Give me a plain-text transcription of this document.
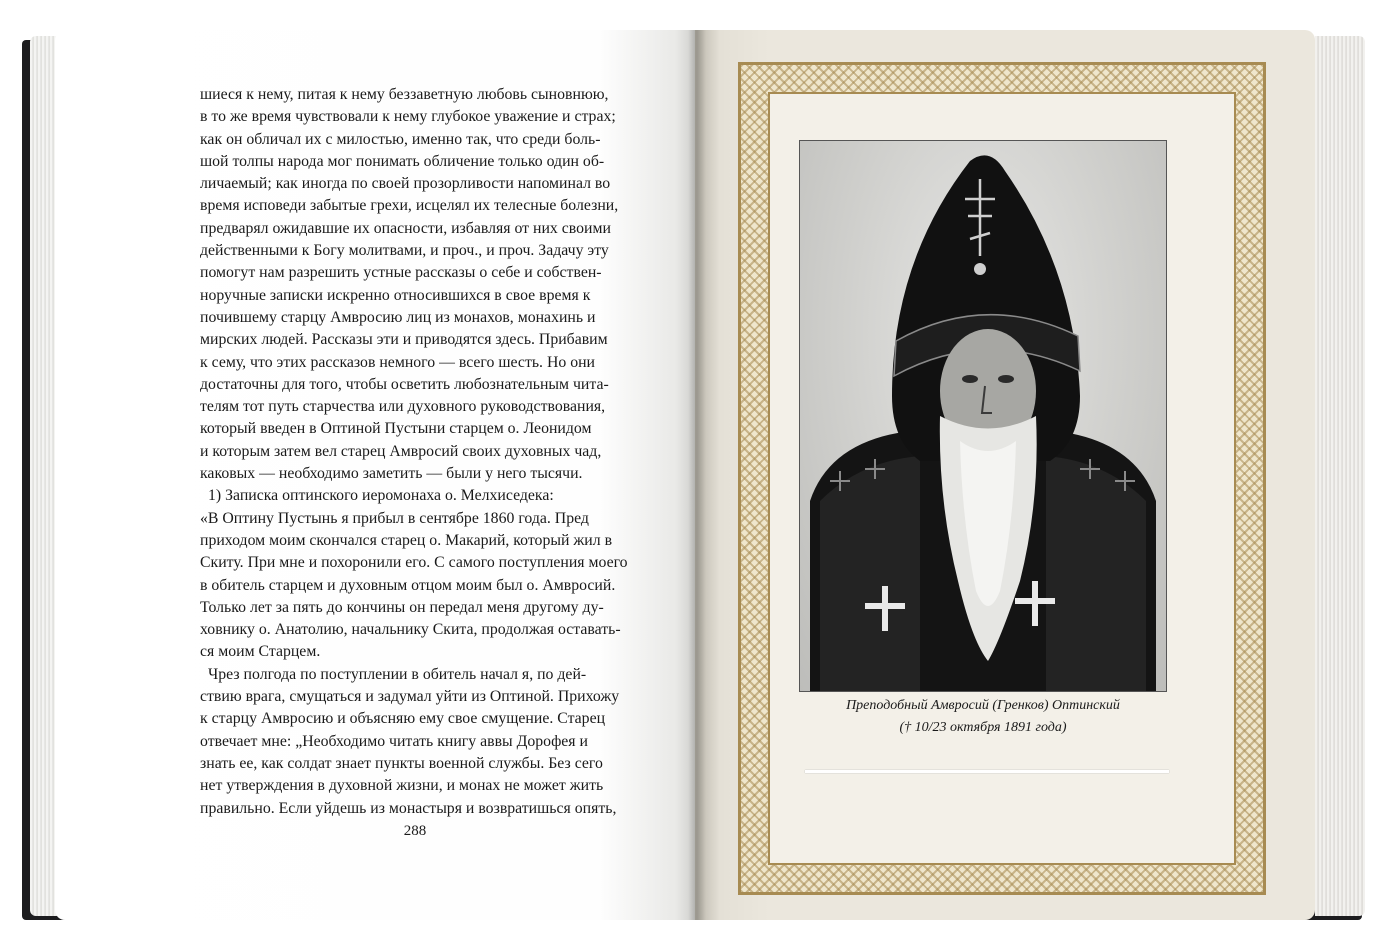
шиеся к нему, питая к нему беззаветную любовь сыновнюю,
в то же время чувствовали к нему глубокое уважение и страх;
как он обличал их с милостью, именно так, что среди боль-
шой толпы народа мог понимать обличение только один об-
личаемый; как иногда по своей прозорливости напоминал во
время исповеди забытые грехи, исцелял их телесные болезни,
предварял ожидавшие их опасности, избавляя от них своими
действенными к Богу молитвами, и проч., и проч. Задачу эту
помогут нам разрешить устные рассказы о себе и собствен-
норучные записки искренно относившихся в свое время к
почившему старцу Амвросию лиц из монахов, монахинь и
мирских людей. Рассказы эти и приводятся здесь. Прибавим
к сему, что этих рассказов немного — всего шесть. Но они
достаточны для того, чтобы осветить любознательным чита-
телям тот путь старчества или духовного руководствования,
который введен в Оптиной Пустыни старцем о. Леонидом
и которым затем вел старец Амвросий своих духовных чад,
каковых — необходимо заметить — были у него тысячи.
1) Записка оптинского иеромонаха о. Мелхиседека:
«В Оптину Пустынь я прибыл в сентябре 1860 года. Пред
приходом моим скончался старец о. Макарий, который жил в
Скиту. При мне и похоронили его. С самого поступления моего
в обитель старцем и духовным отцом моим был о. Амвросий.
Только лет за пять до кончины он передал меня другому ду-
ховнику о. Анатолию, начальнику Скита, продолжая оставать-
ся моим Старцем.
Чрез полгода по поступлении в обитель начал я, по дей-
ствию врага, смущаться и задумал уйти из Оптиной. Прихожу
к старцу Амвросию и объясняю ему свое смущение. Старец
отвечает мне: „Необходимо читать книгу аввы Дорофея и
знать ее, как солдат знает пункты военной службы. Без сего
нет утверждения в духовной жизни, и монах не может жить
правильно. Если уйдешь из монастыря и возвратишься опять,
288
Преподобный Амвросий (Гренков) Оптинский
(† 10/23 октября 1891 года)
